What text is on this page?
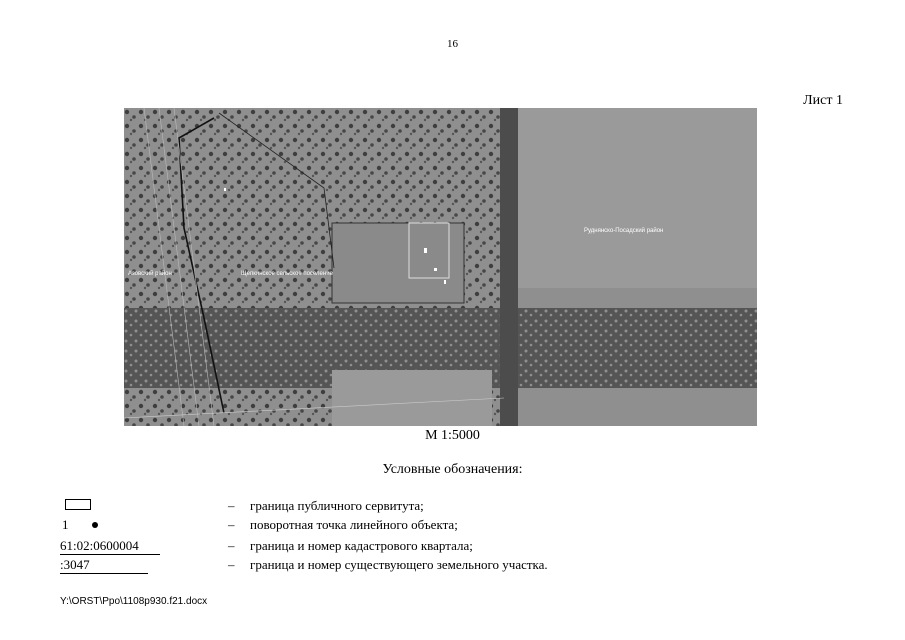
16
Лист 1
Азовский район	Щепкинское сельское поселение
Руднянско-Посадский район
М 1:5000
Условные обозначения:
– граница публичного сервитута;
1	– поворотная точка линейного объекта;
61:02:0600004	– граница и номер кадастрового квартала;
:3047	– граница и номер существующего земельного участка.
Y:\ORST\Ppo\1108p930.f21.docx
